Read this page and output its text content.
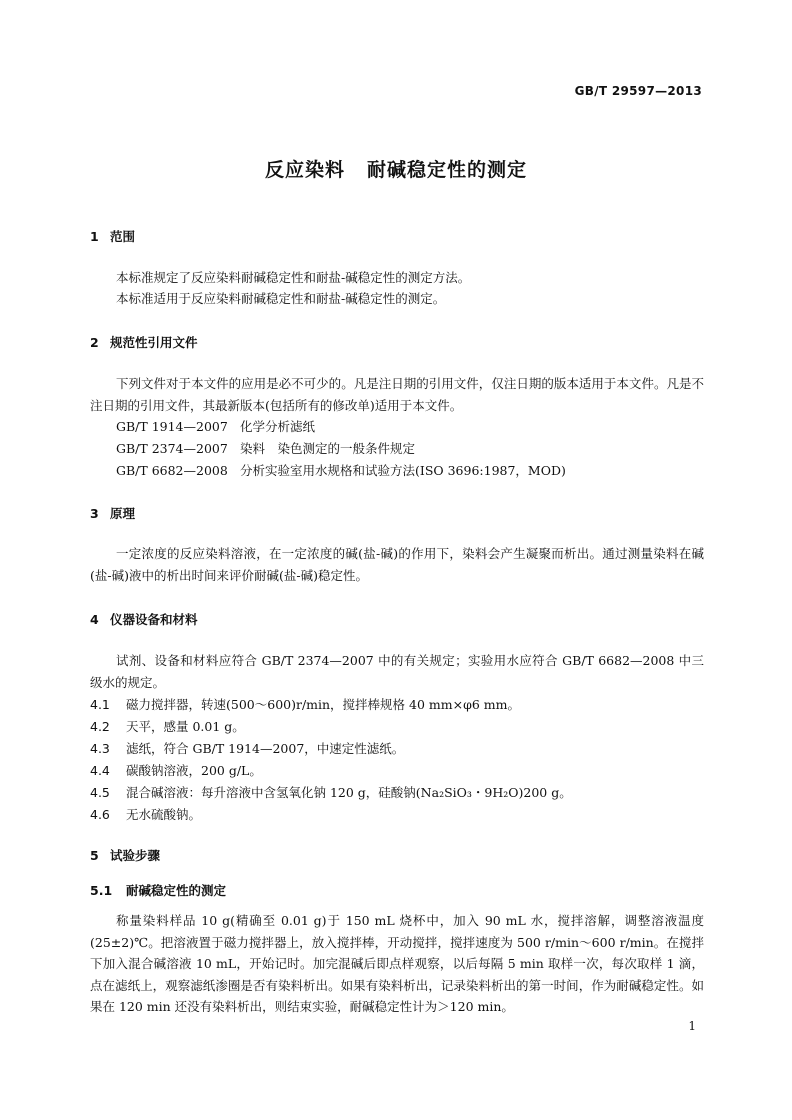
GB/T 29597—2013
反应染料 耐碱稳定性的测定
1 范围
本标准规定了反应染料耐碱稳定性和耐盐-碱稳定性的测定方法。
本标准适用于反应染料耐碱稳定性和耐盐-碱稳定性的测定。
2 规范性引用文件
下列文件对于本文件的应用是必不可少的。凡是注日期的引用文件，仅注日期的版本适用于本文件。凡是不注日期的引用文件，其最新版本(包括所有的修改单)适用于本文件。
GB/T 1914—2007 化学分析滤纸
GB/T 2374—2007 染料　染色测定的一般条件规定
GB/T 6682—2008 分析实验室用水规格和试验方法(ISO 3696:1987，MOD)
3 原理
一定浓度的反应染料溶液，在一定浓度的碱(盐-碱)的作用下，染料会产生凝聚而析出。通过测量染料在碱(盐-碱)液中的析出时间来评价耐碱(盐-碱)稳定性。
4 仪器设备和材料
试剂、设备和材料应符合 GB/T 2374—2007 中的有关规定；实验用水应符合 GB/T 6682—2008 中三级水的规定。
4.1 磁力搅拌器，转速(500～600)r/min，搅拌棒规格 40 mm×φ6 mm。
4.2 天平，感量 0.01 g。
4.3 滤纸，符合 GB/T 1914—2007，中速定性滤纸。
4.4 碳酸钠溶液，200 g/L。
4.5 混合碱溶液：每升溶液中含氢氧化钠 120 g，硅酸钠(Na₂SiO₃・9H₂O)200 g。
4.6 无水硫酸钠。
5 试验步骤
5.1 耐碱稳定性的测定
称量染料样品 10 g(精确至 0.01 g)于 150 mL 烧杯中，加入 90 mL 水，搅拌溶解，调整溶液温度(25±2)℃。把溶液置于磁力搅拌器上，放入搅拌棒，开动搅拌，搅拌速度为 500 r/min～600 r/min。在搅拌下加入混合碱溶液 10 mL，开始记时。加完混碱后即点样观察，以后每隔 5 min 取样一次，每次取样 1 滴，点在滤纸上，观察滤纸渗圈是否有染料析出。如果有染料析出，记录染料析出的第一时间，作为耐碱稳定性。如果在 120 min 还没有染料析出，则结束实验，耐碱稳定性计为＞120 min。
1
